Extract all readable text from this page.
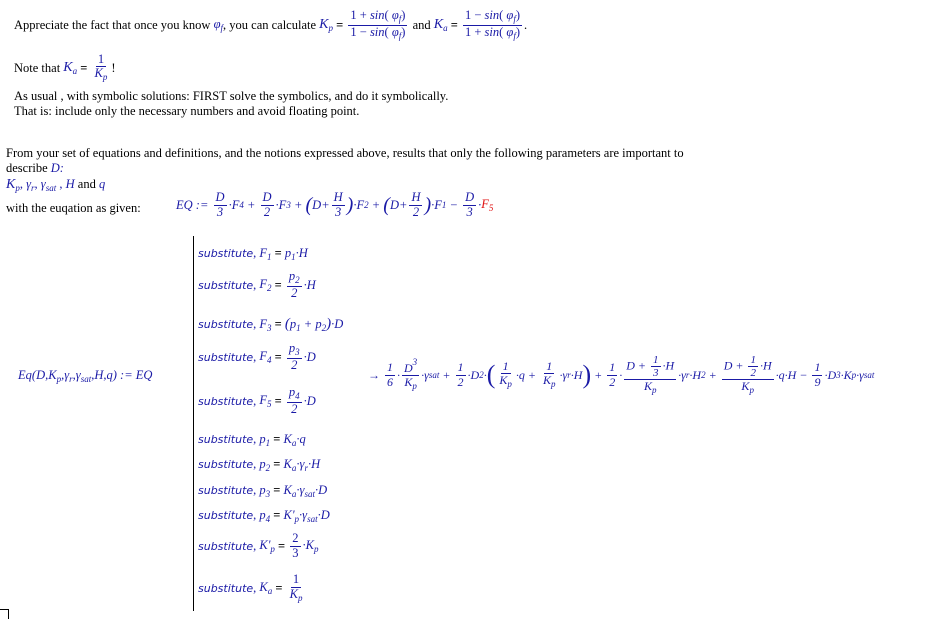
Appreciate the fact that once you know
$\varphi_f$ , you can calculate
$K_p = \frac{1 + \sin( \varphi_f)}{1 - \sin( \varphi_f)}$
and
$K_a = \frac{1 - \sin( \varphi_f)}{1 + \sin( \varphi_f)}$ .
Note that
$K_a = \frac{1}{K_p}$ !
As usual , with symbolic solutions: FIRST solve the symbolics, and do it symbolically.
That is: include only the necessary numbers and avoid floating point.
From your set of equations and definitions, and the notions expressed above, results that only the following parameters are important to
describe D:
$K_p$, $\gamma_r$, $\gamma_{sat}$ , H and q
with the euqation as given:	EQ := $\frac{D}{3} \cdot F$ $4 + \frac{D}{2} \cdot F$ 3 + ( $D + \frac{H}{3}$ ) ·F 2 + ( $D + \frac{H}{2}$ ) ·F $1 - \frac{D}{3} \cdot F_5$
$Eq(D,K_p,\gamma_r,\gamma_{sat},H,q)$ := EQ
substitute, $F_1 = p_1\cdot H$
substitute , $F_2 = \frac{p_2}{2} \cdot H$
substitute, $F_3 = (p_1 + p_2)\cdot D$
substitute , $F_4 = \frac{p_3}{2} \cdot D$
substitute , $F_5 = \frac{p_4}{2} \cdot D$
substitute, $p_1 = K_a\cdot q$
substitute, $p_2 = K_a\cdot\gamma_r\cdot H$
substitute, $p_3 = K_a\cdot\gamma_{sat}\cdot D$
substitute, $p_4 = K'_p\cdot\gamma_{sat}\cdot D$
substitute , $K'_p = \frac{2}{3} \cdot K_p$
substitute , $K_a = \frac{1}{K_p}$
→ $\frac{1}{6} \cdot \frac{D^3}{K_p} \cdot\gamma$ sat + $\frac{1}{2} \cdot D$ 2 · ( $\frac{1}{K_p} \cdot q + \frac{1}{K_p} \cdot\gamma$ r ·H ) + $\frac{1}{2} \cdot \frac{D + \frac{1}{3} \cdot H}{K_p} \cdot\gamma$ r ·H $2 + \frac{D + \frac{1}{2} \cdot H}{K_p} \cdot q\cdot H - \frac{1}{9} \cdot D$ 3 ·K p ·γ sat
